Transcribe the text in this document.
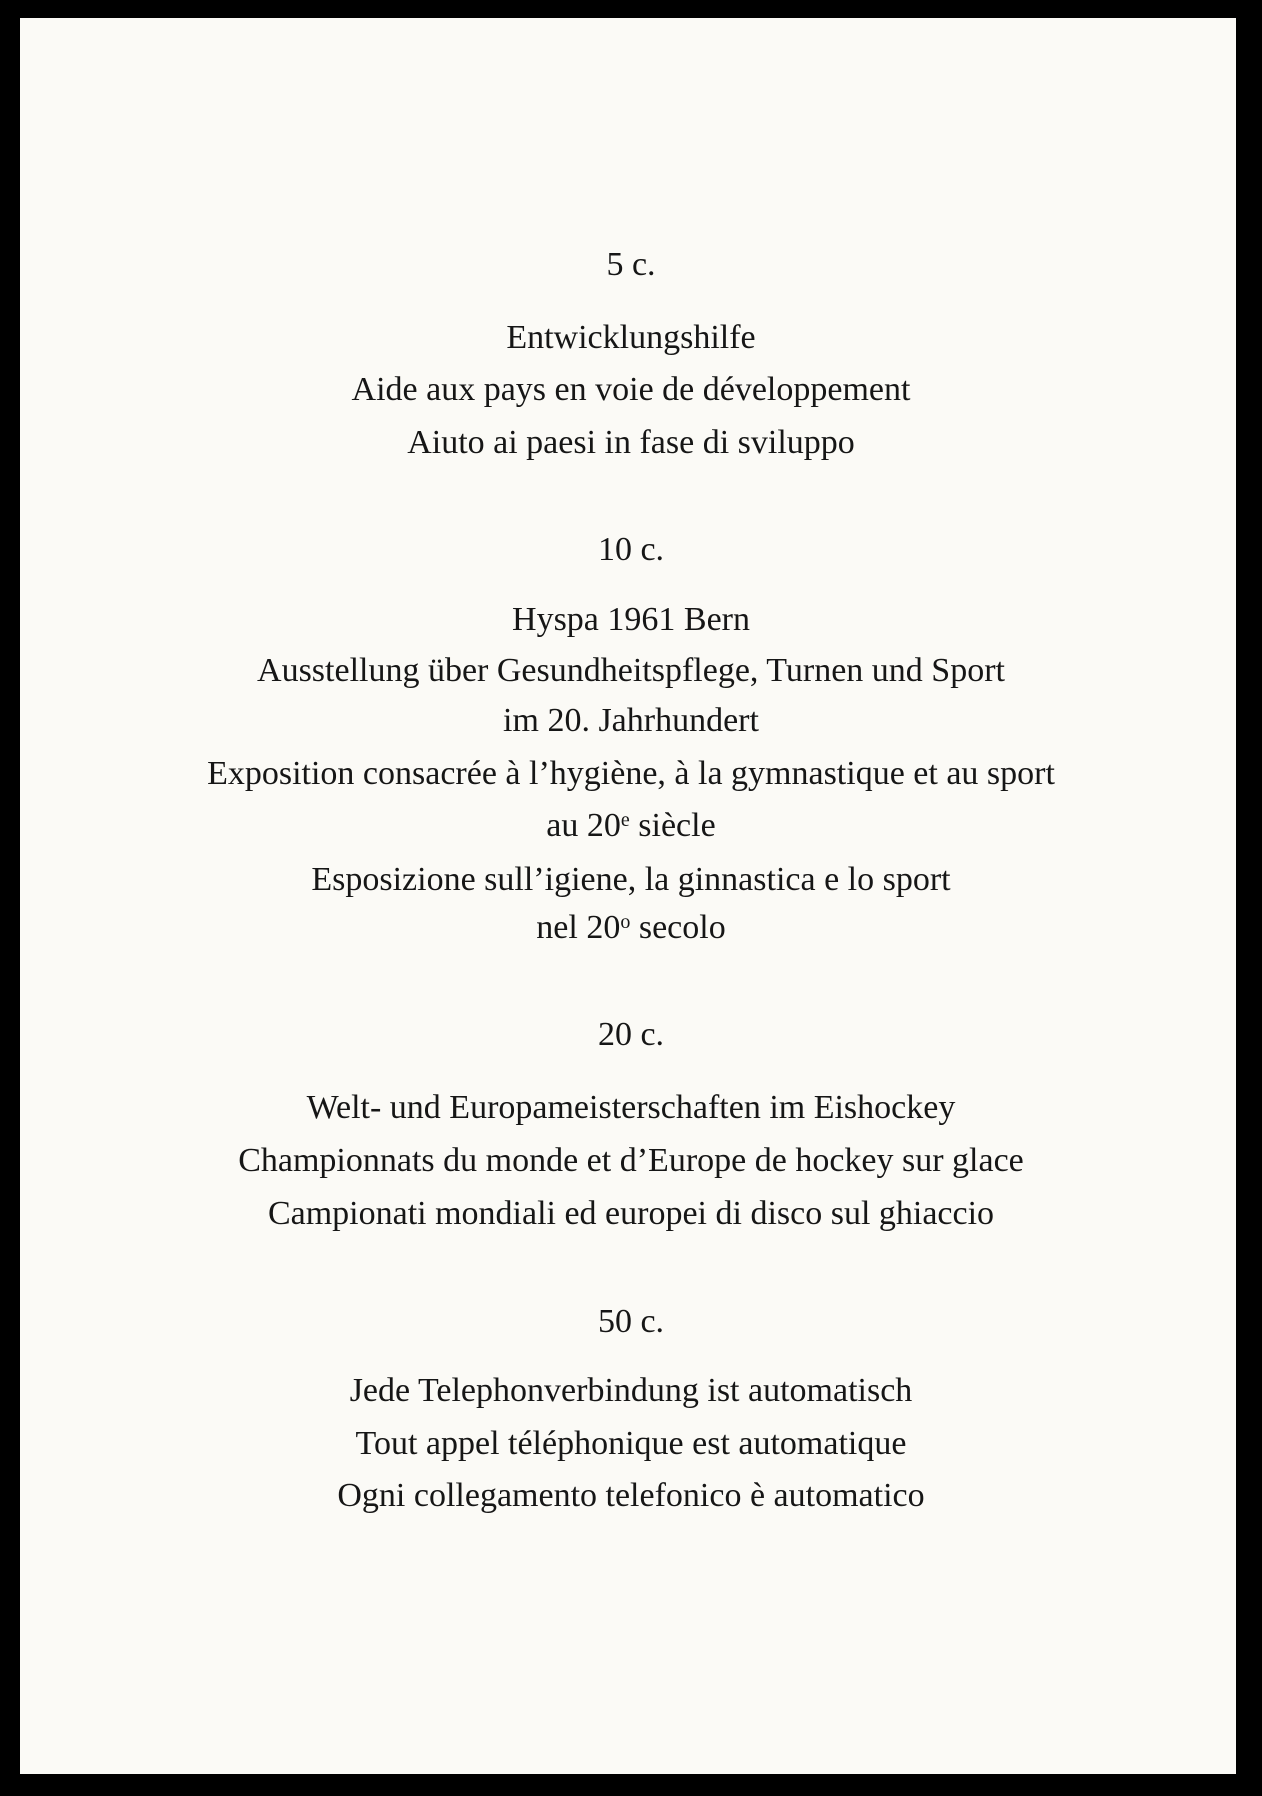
5 c.
Entwicklungshilfe
Aide aux pays en voie de développement
Aiuto ai paesi in fase di sviluppo
10 c.
Hyspa 1961 Bern
Ausstellung über Gesundheitspflege, Turnen und Sport
im 20. Jahrhundert
Exposition consacrée à l’hygiène, à la gymnastique et au sport
au 20e siècle
Esposizione sull’igiene, la ginnastica e lo sport
nel 20$^o$ secolo
20 c.
Welt- und Europameisterschaften im Eishockey
Championnats du monde et d’Europe de hockey sur glace
Campionati mondiali ed europei di disco sul ghiaccio
50 c.
Jede Telephonverbindung ist automatisch
Tout appel téléphonique est automatique
Ogni collegamento telefonico è automatico
